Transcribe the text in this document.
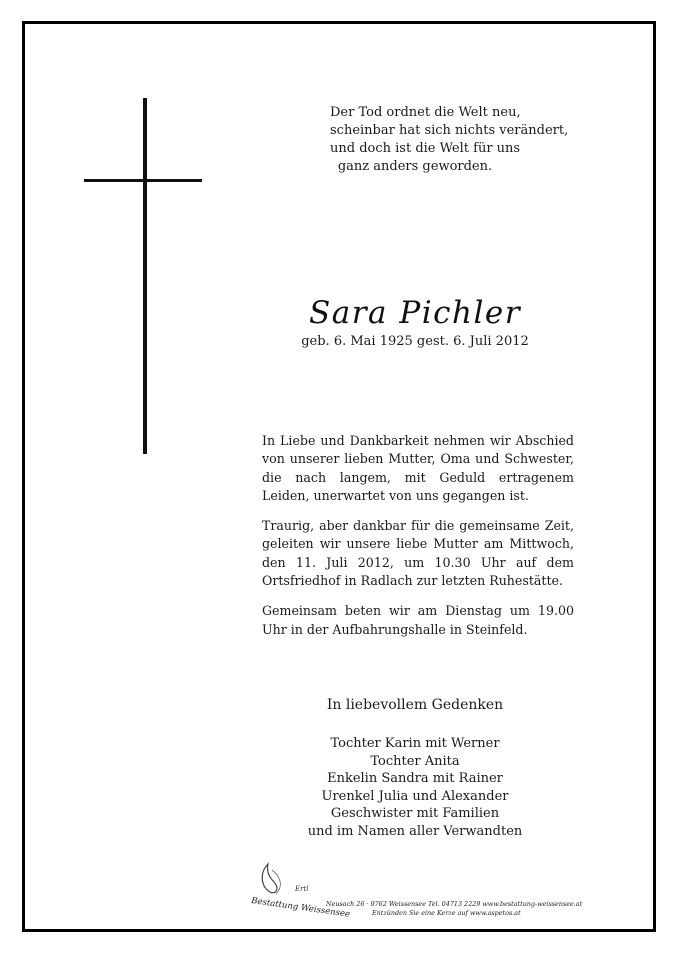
Der Tod ordnet die Welt neu,
scheinbar hat sich nichts verändert,
und doch ist die Welt für uns
ganz anders geworden.
Sara Pichler
geb. 6. Mai 1925 gest. 6. Juli 2012

In Liebe und Dankbarkeit nehmen wir Abschied von unserer lieben Mutter, Oma und Schwester, die nach langem, mit Geduld ertragenem Leiden, unerwartet von uns gegangen ist.

Traurig, aber dankbar für die gemeinsame Zeit, geleiten wir unsere liebe Mutter am Mittwoch, den 11. Juli 2012, um 10.30 Uhr auf dem Ortsfriedhof in Radlach zur letzten Ruhestätte.

Gemeinsam beten wir am Dienstag um 19.00 Uhr in der Aufbahrungshalle in Steinfeld.

In liebevollem Gedenken
Tochter Karin mit Werner
Tochter Anita
Enkelin Sandra mit Rainer
Urenkel Julia und Alexander
Geschwister mit Familien
und im Namen aller Verwandten
Ertl
Bestattung Weissensee
Neusach 26 · 9762 Weissensee Tel. 04713 2229 www.bestattung-weissensee.at
Entzünden Sie eine Kerze auf www.aspetos.at
